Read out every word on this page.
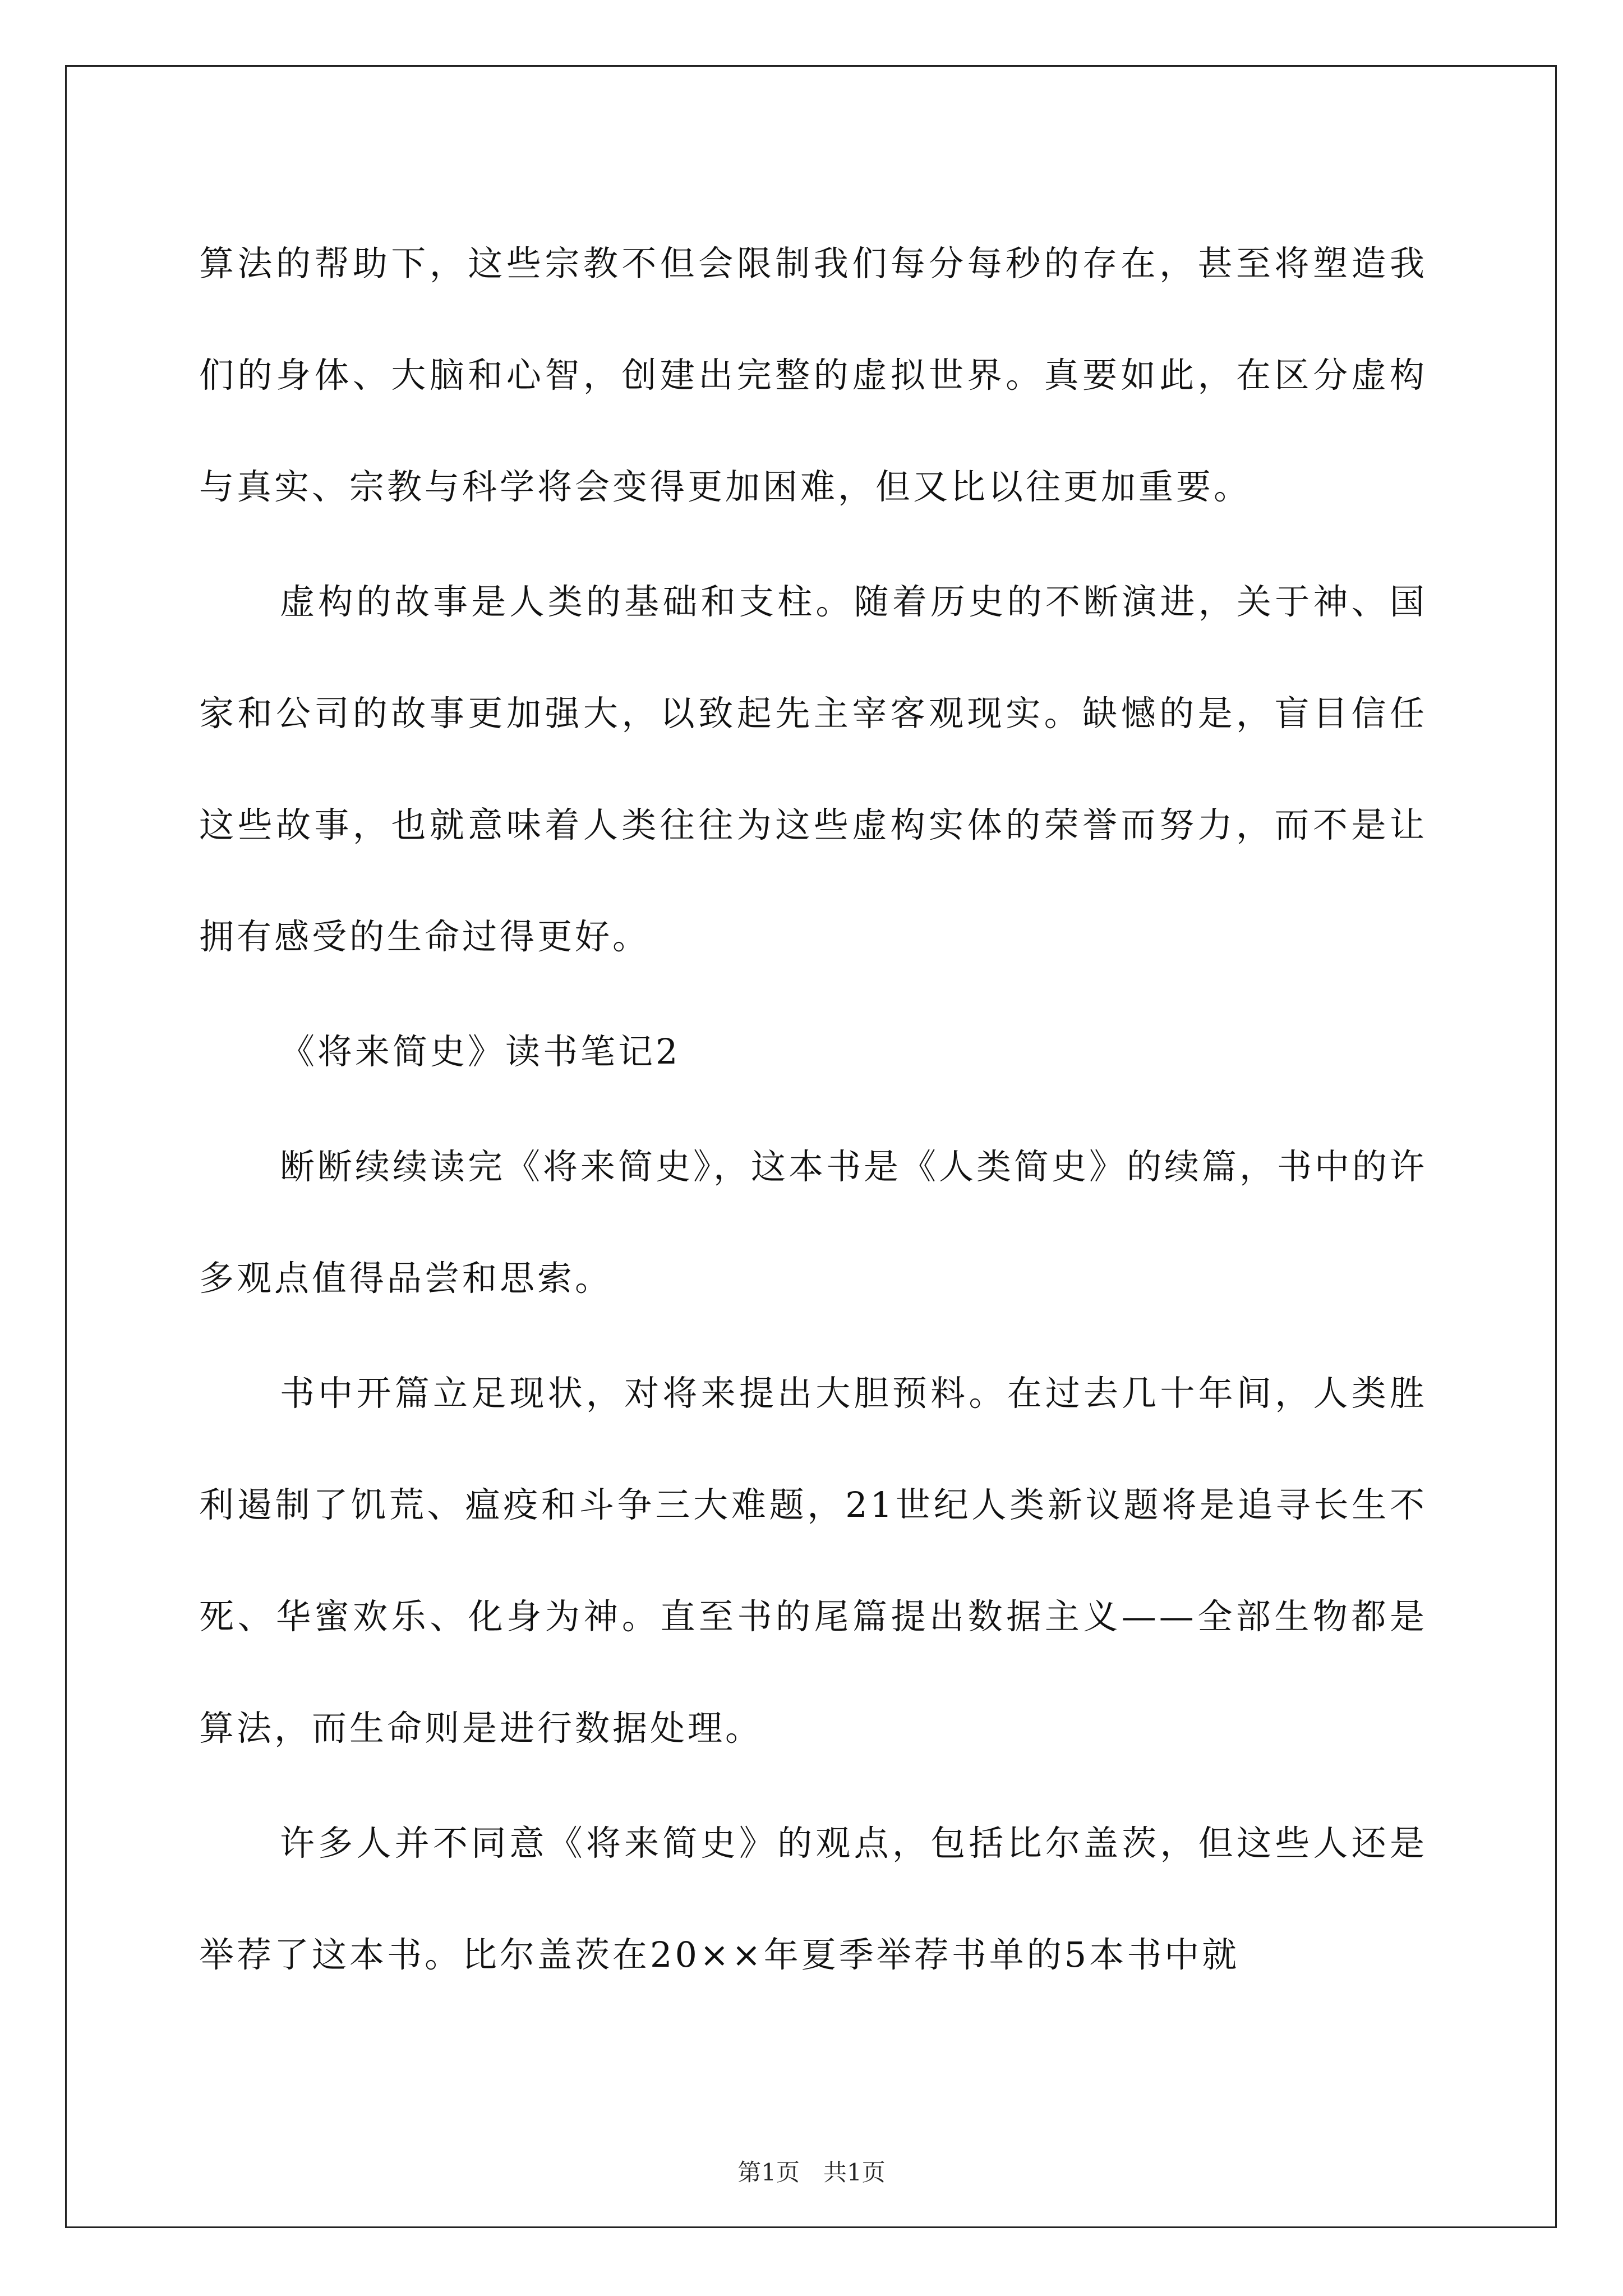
算法的帮助下，这些宗教不但会限制我们每分每秒的存在，甚至将塑造我们的身体、大脑和心智，创建出完整的虚拟世界。真要如此，在区分虚构与真实、宗教与科学将会变得更加困难，但又比以往更加重要。

虚构的故事是人类的基础和支柱。随着历史的不断演进，关于神、国家和公司的故事更加强大，以致起先主宰客观现实。缺憾的是，盲目信任这些故事，也就意味着人类往往为这些虚构实体的荣誉而努力，而不是让拥有感受的生命过得更好。

《将来简史》读书笔记2

断断续续读完《将来简史》，这本书是《人类简史》的续篇，书中的许多观点值得品尝和思索。

书中开篇立足现状，对将来提出大胆预料。在过去几十年间，人类胜利遏制了饥荒、瘟疫和斗争三大难题，21世纪人类新议题将是追寻长生不死、华蜜欢乐、化身为神。直至书的尾篇提出数据主义——全部生物都是算法，而生命则是进行数据处理。

许多人并不同意《将来简史》的观点，包括比尔盖茨，但这些人还是举荐了这本书。比尔盖茨在20××年夏季举荐书单的5本书中就

第1页　共1页
